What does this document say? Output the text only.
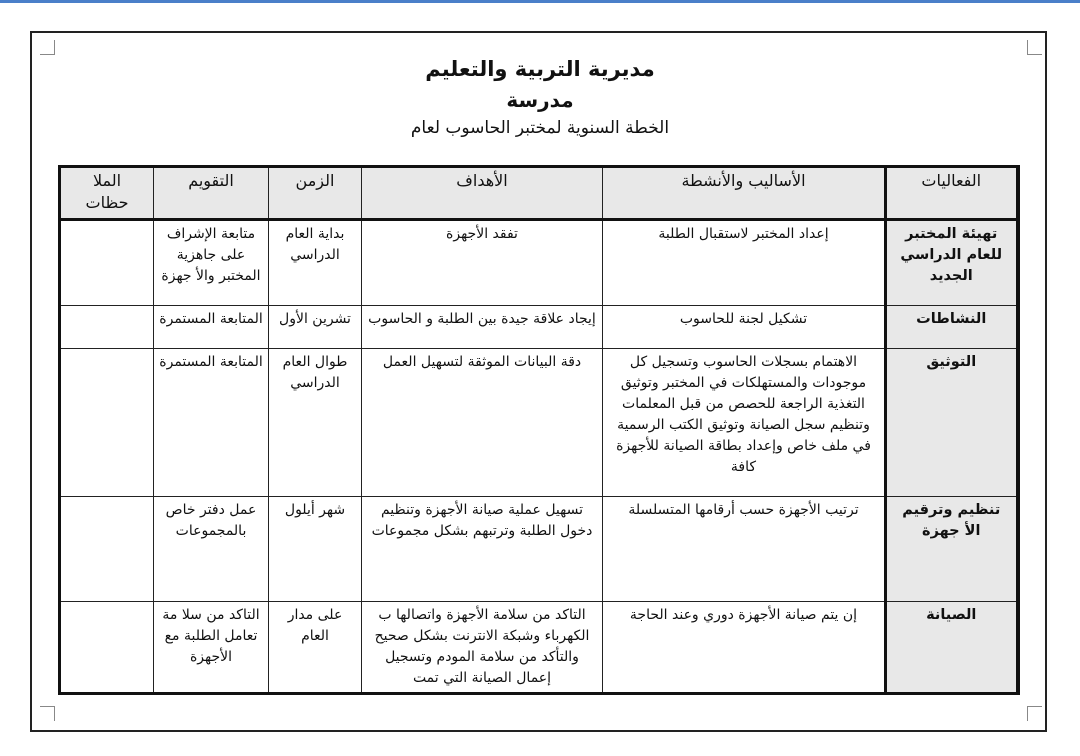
مديرية التربية والتعليم
مدرسة
الخطة السنوية لمختبر الحاسوب لعام
الفعاليات	الأساليب والأنشطة	الأهداف	الزمن	التقويم	الملا
حظات
تهيئة المختبر للعام الدراسي الجديد	إعداد المختبر لاستقبال الطلبة	تفقد الأجهزة	بداية العام الدراسي	متابعة الإشراف على جاهزية المختبر والأ جهزة	
النشاطات	تشكيل لجنة للحاسوب	إيجاد علاقة جيدة بين الطلبة و الحاسوب	تشرين الأول	المتابعة المستمرة	
التوثيق	الاهتمام بسجلات الحاسوب وتسجيل كل موجودات والمستهلكات في المختبر وتوثيق التغذية الراجعة للحصص من قبل المعلمات وتنظيم سجل الصيانة وتوثيق الكتب الرسمية في ملف خاص وإعداد بطاقة الصيانة للأجهزة كافة	دقة البيانات الموثقة لتسهيل العمل	طوال العام الدراسي	المتابعة المستمرة	
تنظيم وترقيم الأ جهزة	ترتيب الأجهزة حسب أرقامها المتسلسلة	تسهيل عملية صيانة الأجهزة وتنظيم دخول الطلبة وترتبهم بشكل مجموعات	شهر أيلول	عمل دفتر خاص بالمجموعات	
الصيانة	إن يتم صيانة الأجهزة دوري وعند الحاجة	التاكد من سلامة الأجهزة واتصالها ب الكهرباء وشبكة الانترنت بشكل صحيح والتأكد من سلامة المودم وتسجيل إعمال الصيانة التي تمت	على مدار العام	التاكد من سلا مة تعامل الطلبة مع الأجهزة	
